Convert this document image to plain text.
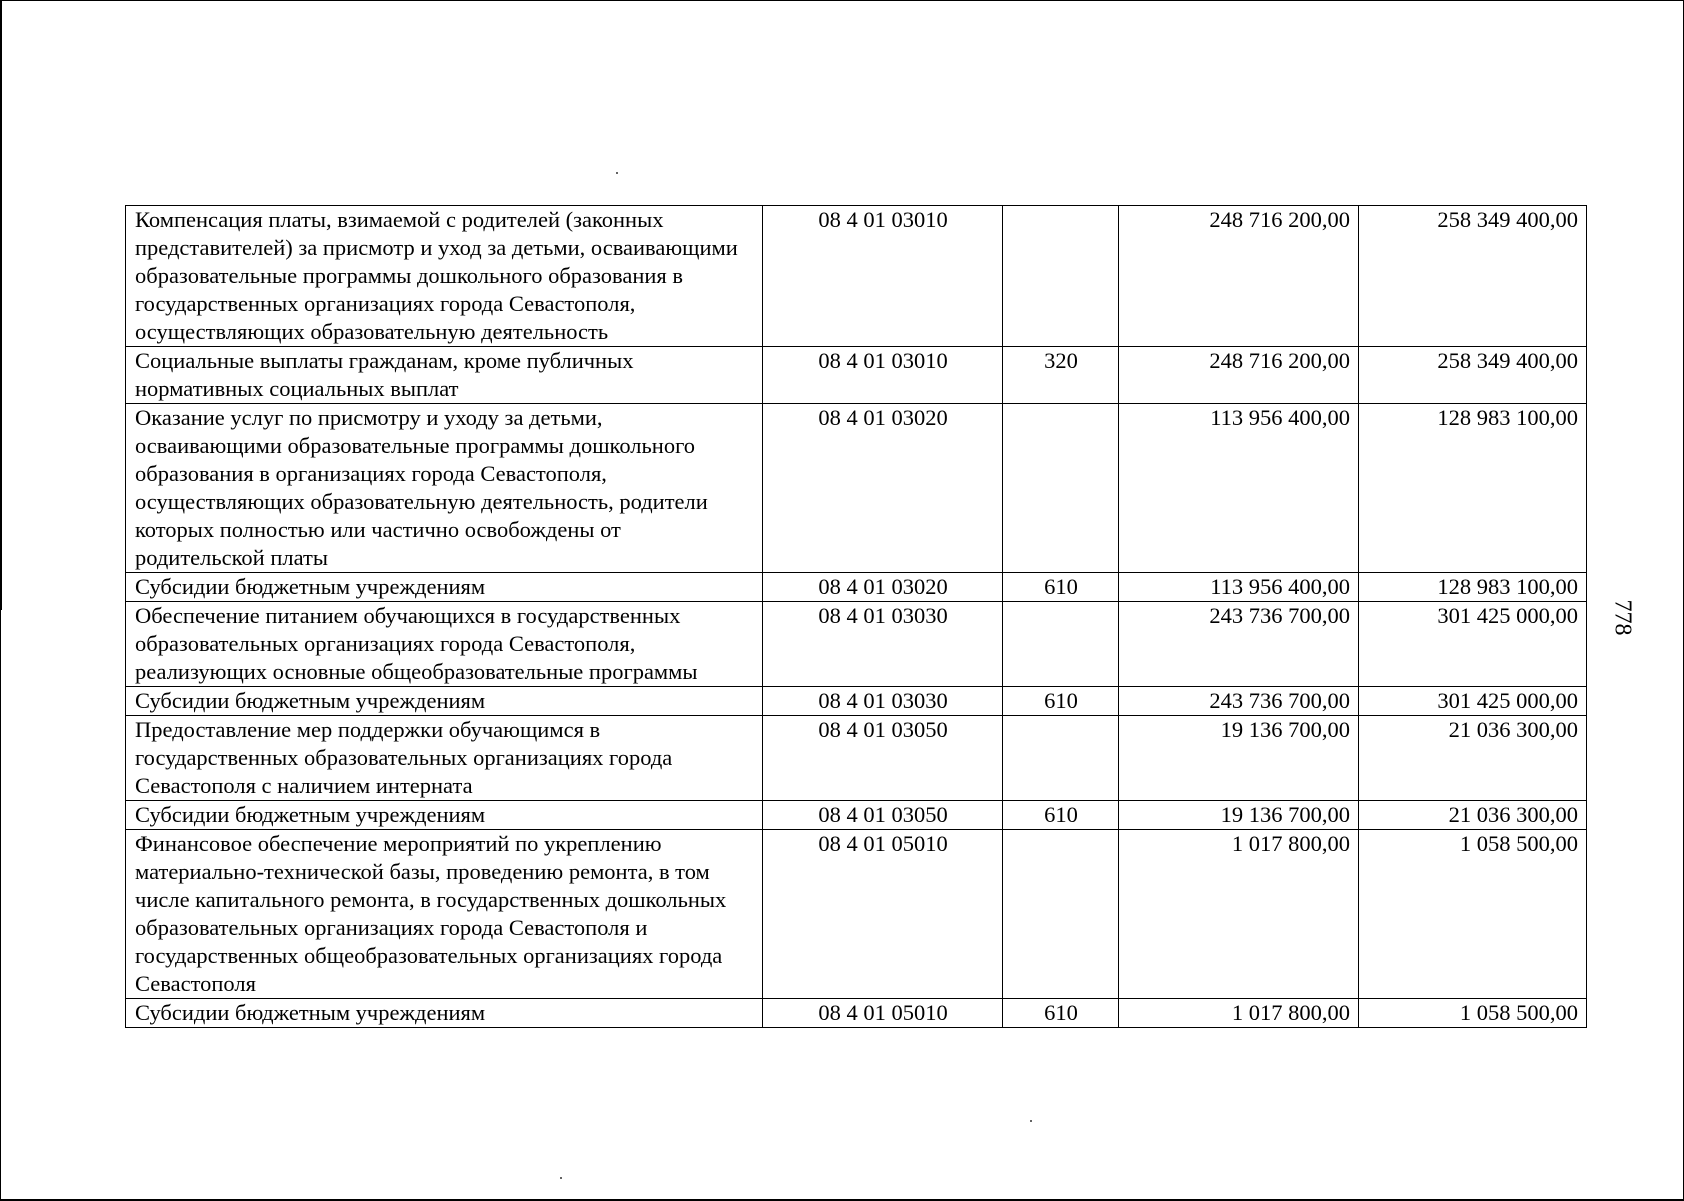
Компенсация платы, взимаемой с родителей (законных представителей) за присмотр и уход за детьми, осваивающими образовательные программы дошкольного образования в государственных организациях города Севастополя, осуществляющих образовательную деятельность	08 4 01 03010		248 716 200,00	258 349 400,00
Социальные выплаты гражданам, кроме публичных нормативных социальных выплат	08 4 01 03010	320	248 716 200,00	258 349 400,00
Оказание услуг по присмотру и уходу за детьми, осваивающими образовательные программы дошкольного образования в организациях города Севастополя, осуществляющих образовательную деятельность, родители которых полностью или частично освобождены от родительской платы	08 4 01 03020		113 956 400,00	128 983 100,00
Субсидии бюджетным учреждениям	08 4 01 03020	610	113 956 400,00	128 983 100,00
Обеспечение питанием обучающихся в государственных образовательных организациях города Севастополя, реализующих основные общеобразовательные программы	08 4 01 03030		243 736 700,00	301 425 000,00
Субсидии бюджетным учреждениям	08 4 01 03030	610	243 736 700,00	301 425 000,00
Предоставление мер поддержки обучающимся в государственных образовательных организациях города Севастополя с наличием интерната	08 4 01 03050		19 136 700,00	21 036 300,00
Субсидии бюджетным учреждениям	08 4 01 03050	610	19 136 700,00	21 036 300,00
Финансовое обеспечение мероприятий по укреплению материально-технической базы, проведению ремонта, в том числе капитального ремонта, в государственных дошкольных образовательных организациях города Севастополя и государственных общеобразовательных организациях города Севастополя	08 4 01 05010		1 017 800,00	1 058 500,00
Субсидии бюджетным учреждениям	08 4 01 05010	610	1 017 800,00	1 058 500,00
778
